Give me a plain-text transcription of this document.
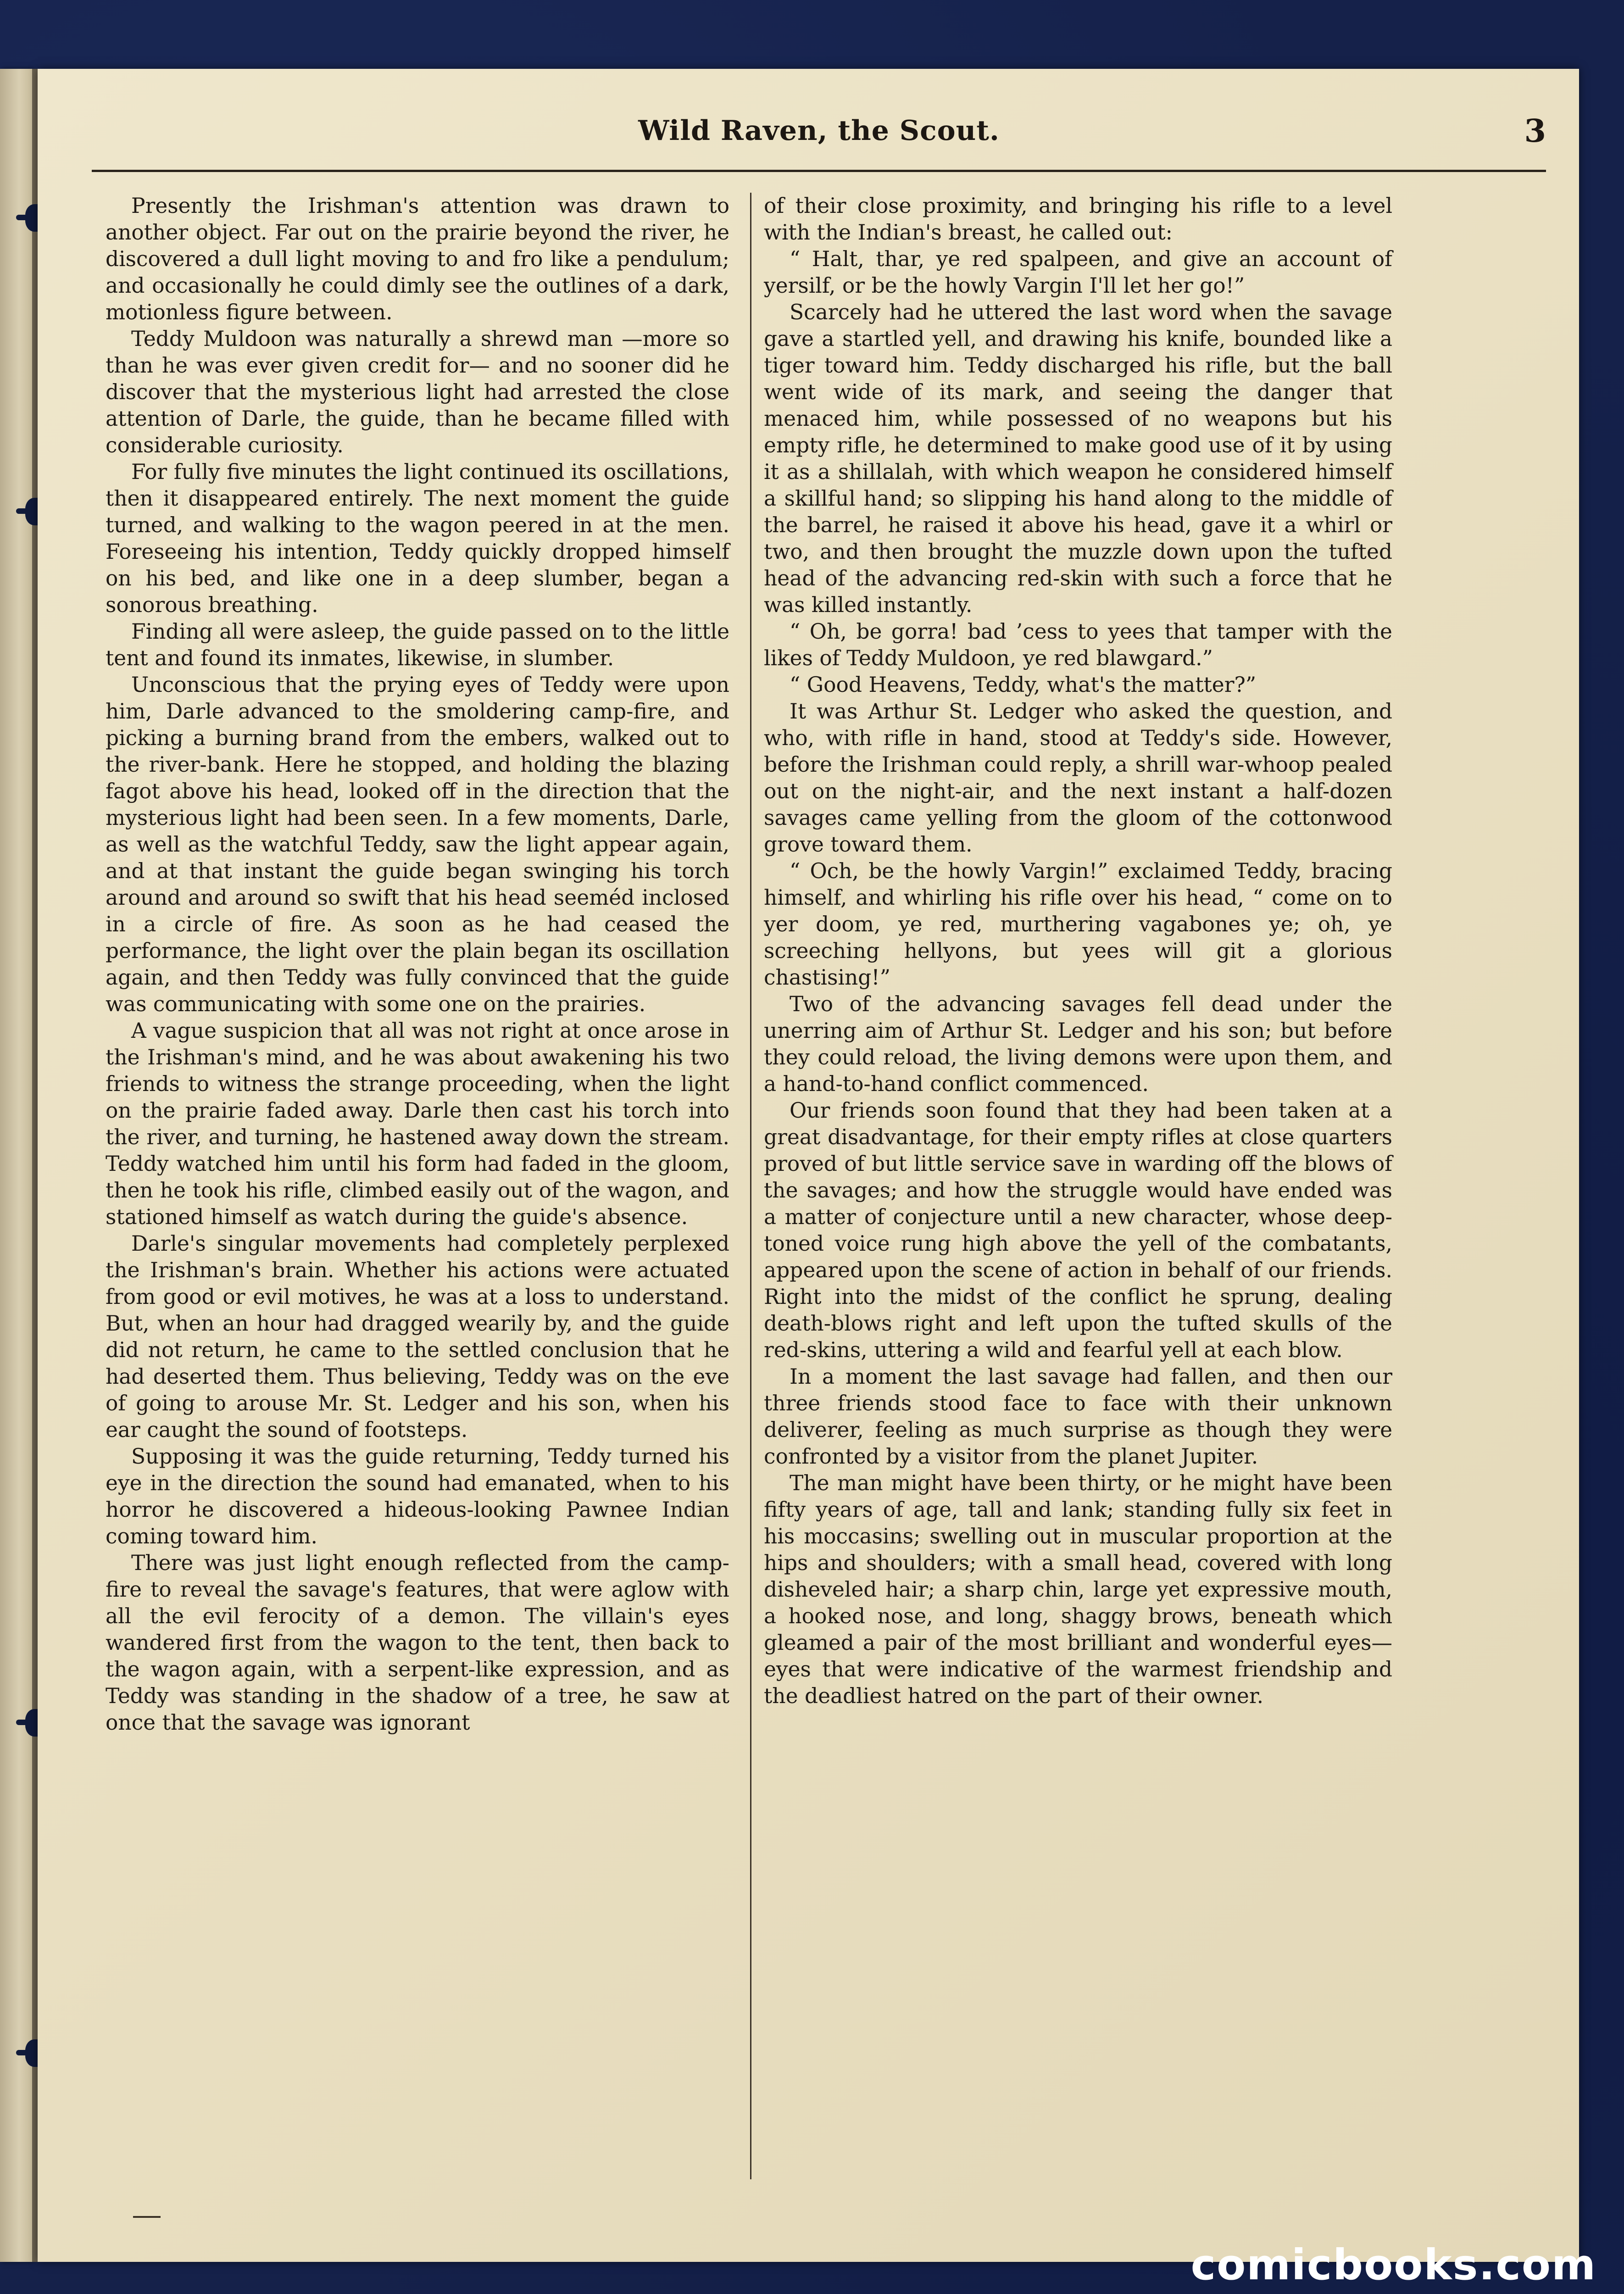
Wild Raven, the Scout.	3

Presently the Irishman's attention was drawn to another object. Far out on the prairie beyond the river, he discovered a dull light moving to and fro like a pendulum; and occasionally he could dimly see the outlines of a dark, motionless figure between.

Teddy Muldoon was naturally a shrewd man —more so than he was ever given credit for— and no sooner did he discover that the mysterious light had arrested the close attention of Darle, the guide, than he became filled with considerable curiosity.

For fully five minutes the light continued its oscillations, then it disappeared entirely. The next moment the guide turned, and walking to the wagon peered in at the men. Foreseeing his intention, Teddy quickly dropped himself on his bed, and like one in a deep slumber, began a sonorous breathing.

Finding all were asleep, the guide passed on to the little tent and found its inmates, likewise, in slumber.

Unconscious that the prying eyes of Teddy were upon him, Darle advanced to the smoldering camp-fire, and picking a burning brand from the embers, walked out to the river-bank. Here he stopped, and holding the blazing fagot above his head, looked off in the direction that the mysterious light had been seen. In a few moments, Darle, as well as the watchful Teddy, saw the light appear again, and at that instant the guide began swinging his torch around and around so swift that his head seeméd inclosed in a circle of fire. As soon as he had ceased the performance, the light over the plain began its oscillation again, and then Teddy was fully convinced that the guide was communicating with some one on the prairies.

A vague suspicion that all was not right at once arose in the Irishman's mind, and he was about awakening his two friends to witness the strange proceeding, when the light on the prairie faded away. Darle then cast his torch into the river, and turning, he hastened away down the stream. Teddy watched him until his form had faded in the gloom, then he took his rifle, climbed easily out of the wagon, and stationed himself as watch during the guide's absence.

Darle's singular movements had completely perplexed the Irishman's brain. Whether his actions were actuated from good or evil motives, he was at a loss to understand. But, when an hour had dragged wearily by, and the guide did not return, he came to the settled conclusion that he had deserted them. Thus believing, Teddy was on the eve of going to arouse Mr. St. Ledger and his son, when his ear caught the sound of footsteps.

Supposing it was the guide returning, Teddy turned his eye in the direction the sound had emanated, when to his horror he discovered a hideous-looking Pawnee Indian coming toward him.

There was just light enough reflected from the camp-fire to reveal the savage's features, that were aglow with all the evil ferocity of a demon. The villain's eyes wandered first from the wagon to the tent, then back to the wagon again, with a serpent-like expression, and as Teddy was standing in the shadow of a tree, he saw at once that the savage was ignorant

of their close proximity, and bringing his rifle to a level with the Indian's breast, he called out:

“ Halt, thar, ye red spalpeen, and give an account of yersilf, or be the howly Vargin I'll let her go!”

Scarcely had he uttered the last word when the savage gave a startled yell, and drawing his knife, bounded like a tiger toward him. Teddy discharged his rifle, but the ball went wide of its mark, and seeing the danger that menaced him, while possessed of no weapons but his empty rifle, he determined to make good use of it by using it as a shillalah, with which weapon he considered himself a skillful hand; so slipping his hand along to the middle of the barrel, he raised it above his head, gave it a whirl or two, and then brought the muzzle down upon the tufted head of the advancing red-skin with such a force that he was killed instantly.

“ Oh, be gorra! bad ’cess to yees that tamper with the likes of Teddy Muldoon, ye red blawgard.”

“ Good Heavens, Teddy, what's the matter?”

It was Arthur St. Ledger who asked the question, and who, with rifle in hand, stood at Teddy's side. However, before the Irishman could reply, a shrill war-whoop pealed out on the night-air, and the next instant a half-dozen savages came yelling from the gloom of the cottonwood grove toward them.

“ Och, be the howly Vargin!” exclaimed Teddy, bracing himself, and whirling his rifle over his head, “ come on to yer doom, ye red, murthering vagabones ye; oh, ye screeching hellyons, but yees will git a glorious chastising!”

Two of the advancing savages fell dead under the unerring aim of Arthur St. Ledger and his son; but before they could reload, the living demons were upon them, and a hand-to-hand conflict commenced.

Our friends soon found that they had been taken at a great disadvantage, for their empty rifles at close quarters proved of but little service save in warding off the blows of the savages; and how the struggle would have ended was a matter of conjecture until a new character, whose deep-toned voice rung high above the yell of the combatants, appeared upon the scene of action in behalf of our friends. Right into the midst of the conflict he sprung, dealing death-blows right and left upon the tufted skulls of the red-skins, uttering a wild and fearful yell at each blow.

In a moment the last savage had fallen, and then our three friends stood face to face with their unknown deliverer, feeling as much surprise as though they were confronted by a visitor from the planet Jupiter.

The man might have been thirty, or he might have been fifty years of age, tall and lank; standing fully six feet in his moccasins; swelling out in muscular proportion at the hips and shoulders; with a small head, covered with long disheveled hair; a sharp chin, large yet expressive mouth, a hooked nose, and long, shaggy brows, beneath which gleamed a pair of the most brilliant and wonderful eyes—eyes that were indicative of the warmest friendship and the deadliest hatred on the part of their owner.

comicbooks.com
